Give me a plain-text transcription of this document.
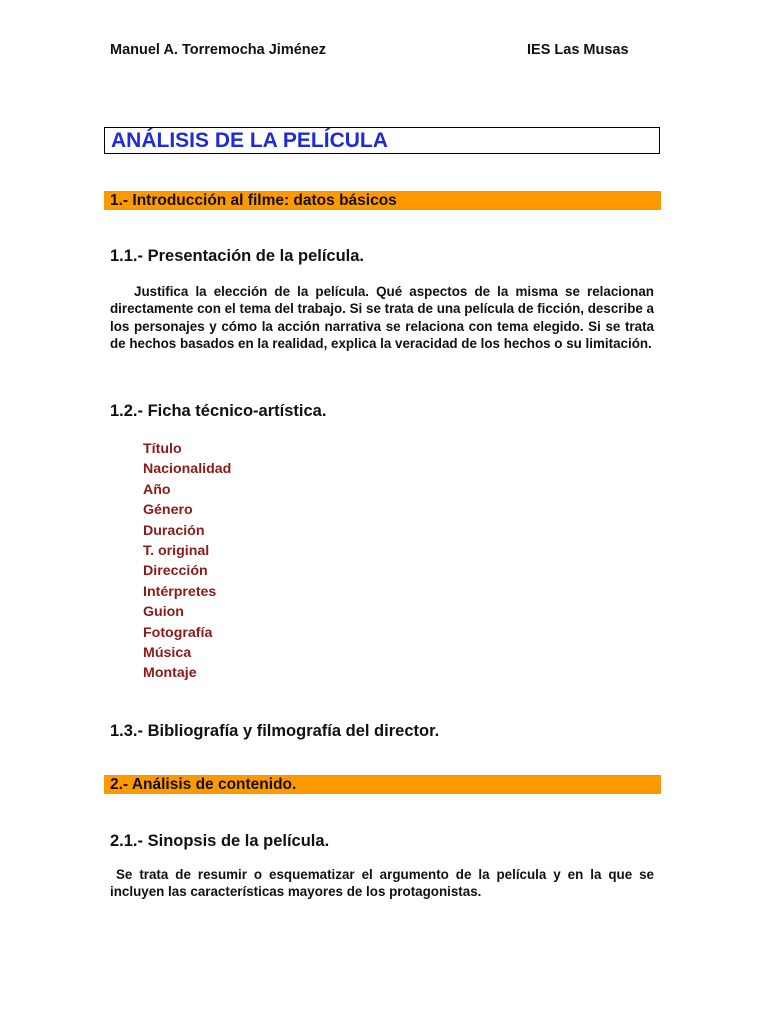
Manuel A. Torremocha Jiménez	IES Las Musas
ANÁLISIS DE LA PELÍCULA
1.- Introducción al filme: datos básicos
1.1.- Presentación de la película.
Justifica la elección de la película. Qué aspectos de la misma se relacionan directamente con el tema del trabajo. Si se trata de una película de ficción, describe a los personajes y cómo la acción narrativa se relaciona con tema elegido. Si se trata de hechos basados en la realidad, explica la veracidad de los hechos o su limitación.
1.2.- Ficha técnico-artística.
Título
Nacionalidad
Año
Género
Duración
T. original
Dirección
Intérpretes
Guion
Fotografía
Música
Montaje
1.3.- Bibliografía y filmografía del director.
2.- Análisis de contenido.
2.1.- Sinopsis de la película.
Se trata de resumir o esquematizar el argumento de la película y en la que se incluyen las características mayores de los protagonistas.
